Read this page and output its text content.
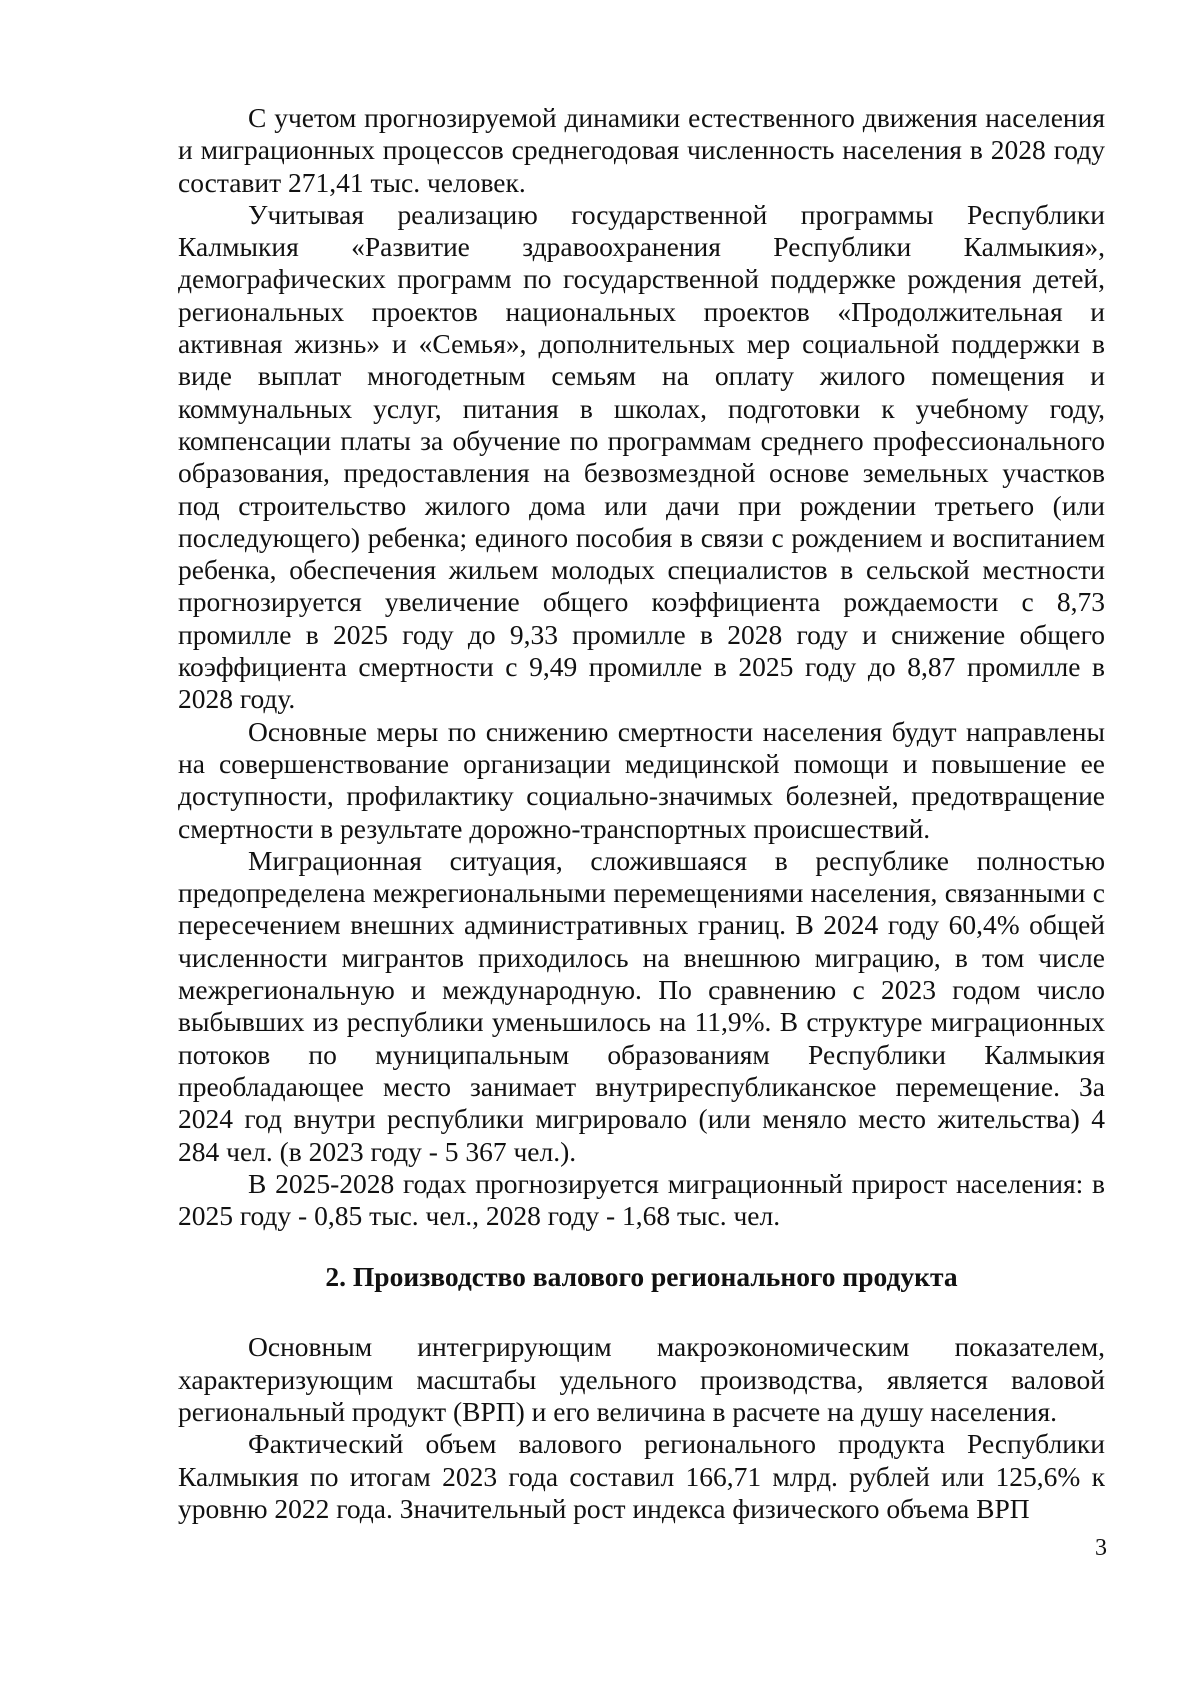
С учетом прогнозируемой динамики естественного движения населения и миграционных процессов среднегодовая численность населения в 2028 году составит 271,41 тыс. человек.

Учитывая реализацию государственной программы Республики Калмыкия «Развитие здравоохранения Республики Калмыкия», демографических программ по государственной поддержке рождения детей, региональных проектов национальных проектов «Продолжительная и активная жизнь» и «Семья», дополнительных мер социальной поддержки в виде выплат многодетным семьям на оплату жилого помещения и коммунальных услуг, питания в школах, подготовки к учебному году, компенсации платы за обучение по программам среднего профессионального образования, предоставления на безвозмездной основе земельных участков под строительство жилого дома или дачи при рождении третьего (или последующего) ребенка; единого пособия в связи с рождением и воспитанием ребенка, обеспечения жильем молодых специалистов в сельской местности прогнозируется увеличение общего коэффициента рождаемости с 8,73 промилле в 2025 году до 9,33 промилле в 2028 году и снижение общего коэффициента смертности с 9,49 промилле в 2025 году до 8,87 промилле в 2028 году.

Основные меры по снижению смертности населения будут направлены на совершенствование организации медицинской помощи и повышение ее доступности, профилактику социально-значимых болезней, предотвращение смертности в результате дорожно-транспортных происшествий.

Миграционная ситуация, сложившаяся в республике полностью предопределена межрегиональными перемещениями населения, связанными с пересечением внешних административных границ. В 2024 году 60,4% общей численности мигрантов приходилось на внешнюю миграцию, в том числе межрегиональную и международную. По сравнению с 2023 годом число выбывших из республики уменьшилось на 11,9%. В структуре миграционных потоков по муниципальным образованиям Республики Калмыкия преобладающее место занимает внутриреспубликанское перемещение. За 2024 год внутри республики мигрировало (или меняло место жительства) 4 284 чел. (в 2023 году - 5 367 чел.).

В 2025-2028 годах прогнозируется миграционный прирост населения: в 2025 году - 0,85 тыс. чел., 2028 году - 1,68 тыс. чел.

2. Производство валового регионального продукта

Основным интегрирующим макроэкономическим показателем, характеризующим масштабы удельного производства, является валовой региональный продукт (ВРП) и его величина в расчете на душу населения.

Фактический объем валового регионального продукта Республики Калмыкия по итогам 2023 года составил 166,71 млрд. рублей или 125,6% к уровню 2022 года. Значительный рост индекса физического объема ВРП

3
